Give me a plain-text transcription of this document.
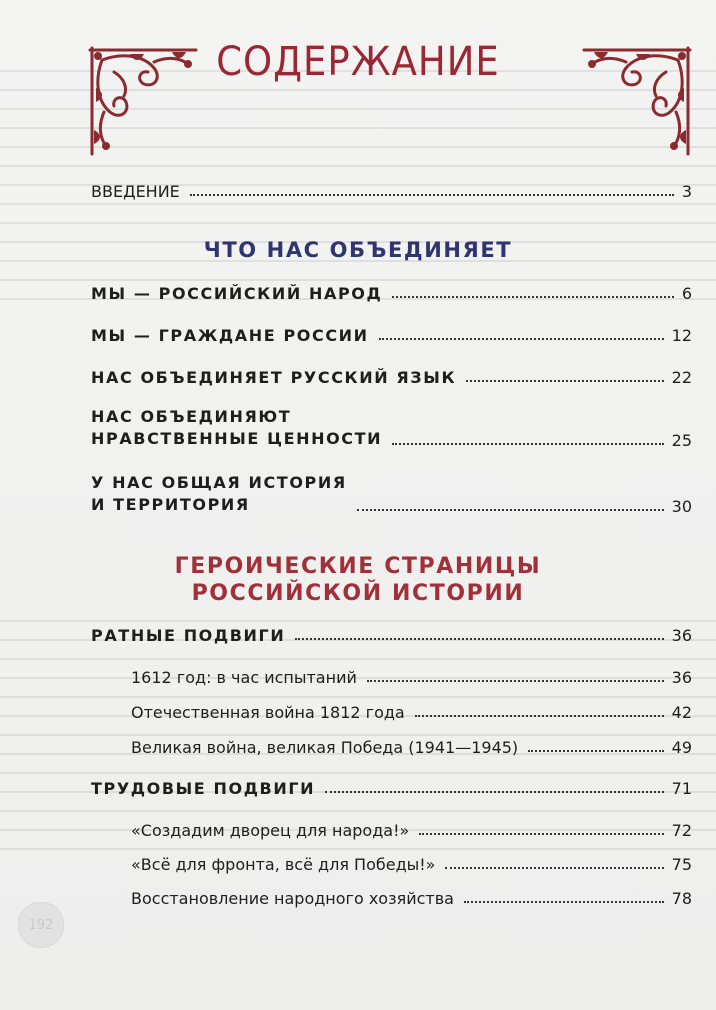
СОДЕРЖАНИЕ
ВВЕДЕНИЕ	3
ЧТО НАС ОБЪЕДИНЯЕТ
МЫ — РОССИЙСКИЙ НАРОД	6
МЫ — ГРАЖДАНЕ РОССИИ	12
НАС ОБЪЕДИНЯЕТ РУССКИЙ ЯЗЫК	22
НАС ОБЪЕДИНЯЮТ
НРАВСТВЕННЫЕ ЦЕННОСТИ	25
У НАС ОБЩАЯ ИСТОРИЯ
И ТЕРРИТОРИЯ	30
ГЕРОИЧЕСКИЕ СТРАНИЦЫ
РОССИЙСКОЙ ИСТОРИИ
РАТНЫЕ ПОДВИГИ	36
1612 год: в час испытаний	36
Отечественная война 1812 года	42
Великая война, великая Победа (1941—1945)	49
ТРУДОВЫЕ ПОДВИГИ	71
«Создадим дворец для народа!»	72
«Всё для фронта, всё для Победы!»	75
Восстановление народного хозяйства	78
192
